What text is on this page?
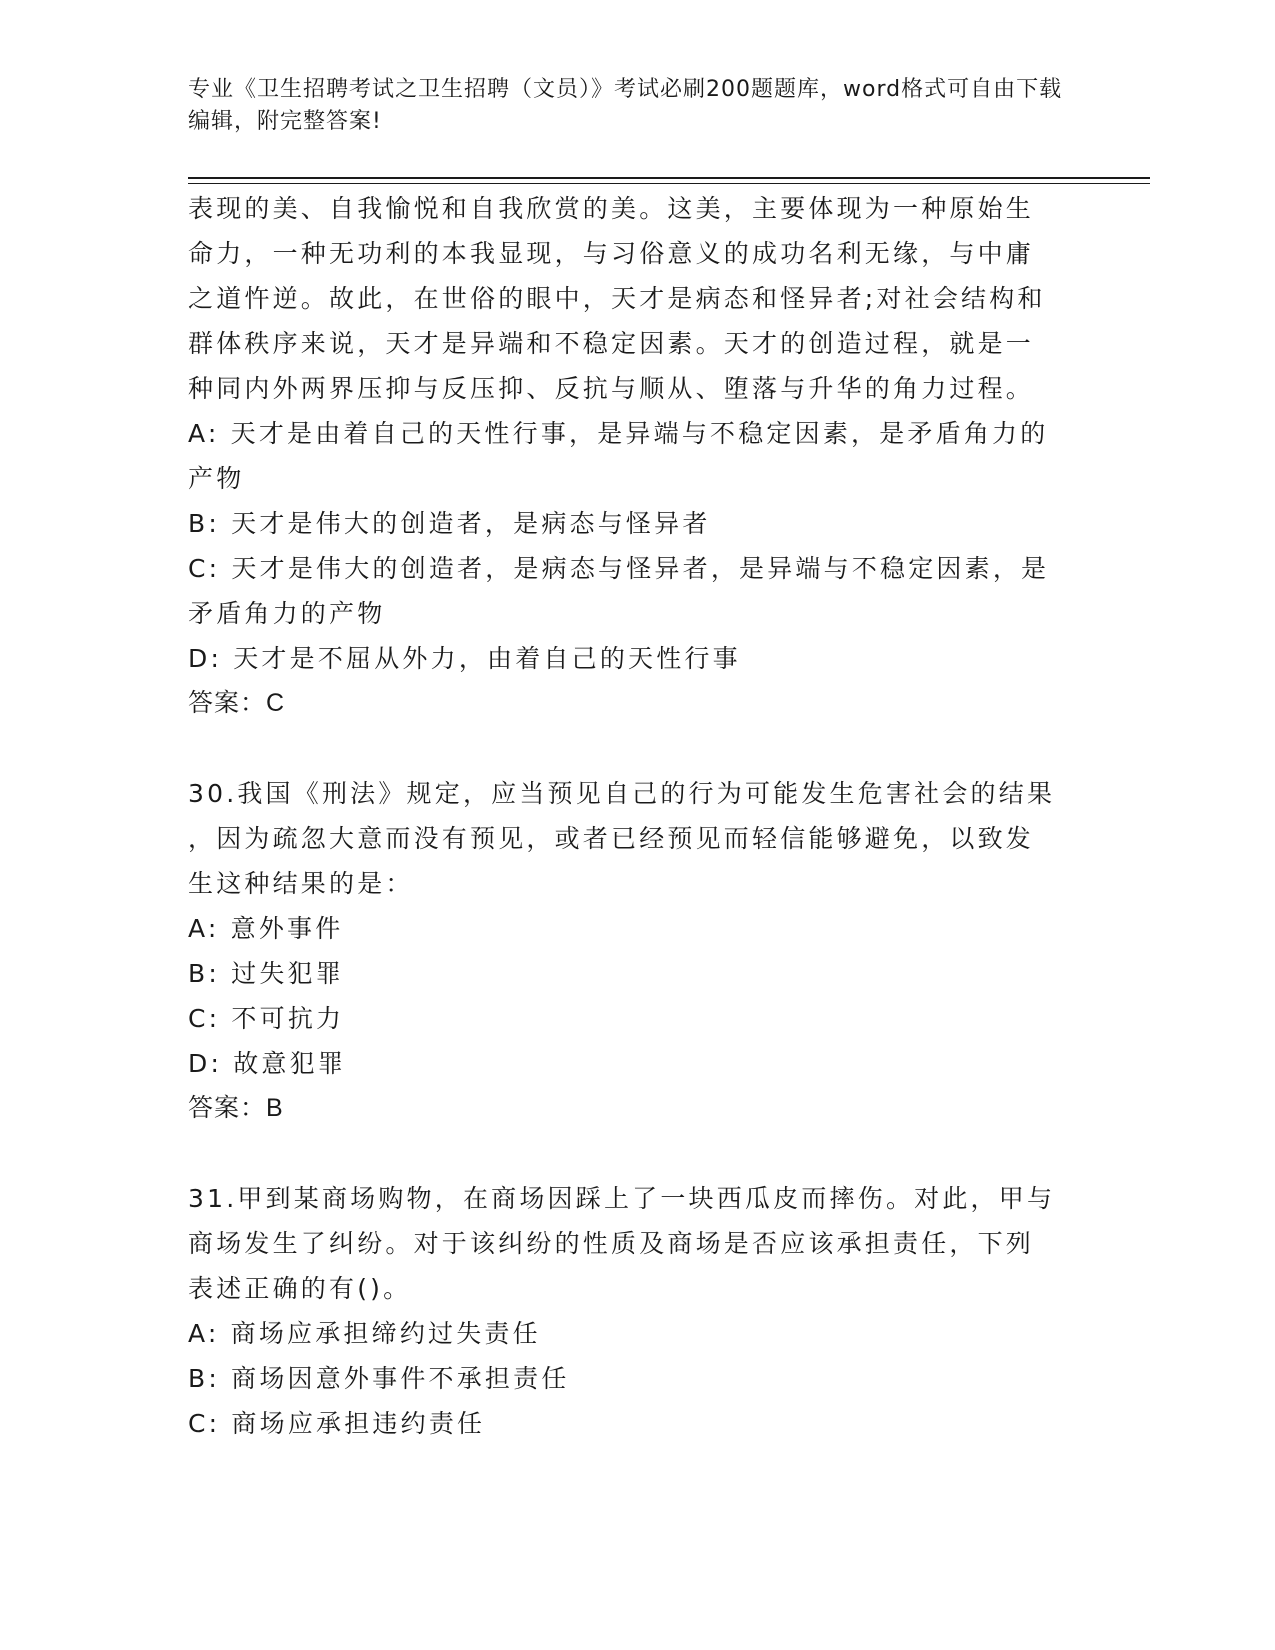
专业《卫生招聘考试之卫生招聘（文员）》考试必刷200题题库，word格式可自由下载编辑，附完整答案!

表现的美、自我愉悦和自我欣赏的美。这美，主要体现为一种原始生

命力，一种无功利的本我显现，与习俗意义的成功名利无缘，与中庸

之道忤逆。故此，在世俗的眼中，天才是病态和怪异者;对社会结构和

群体秩序来说，天才是异端和不稳定因素。天才的创造过程，就是一

种同内外两界压抑与反压抑、反抗与顺从、堕落与升华的角力过程。

A: 天才是由着自己的天性行事，是异端与不稳定因素，是矛盾角力的

产物

B: 天才是伟大的创造者，是病态与怪异者

C: 天才是伟大的创造者，是病态与怪异者，是异端与不稳定因素，是

矛盾角力的产物

D: 天才是不屈从外力，由着自己的天性行事

答案：C

30.我国《刑法》规定，应当预见自己的行为可能发生危害社会的结果

，因为疏忽大意而没有预见，或者已经预见而轻信能够避免，以致发

生这种结果的是：

A: 意外事件

B: 过失犯罪

C: 不可抗力

D: 故意犯罪

答案：B

31.甲到某商场购物，在商场因踩上了一块西瓜皮而摔伤。对此，甲与

商场发生了纠纷。对于该纠纷的性质及商场是否应该承担责任，下列

表述正确的有()。

A: 商场应承担缔约过失责任

B: 商场因意外事件不承担责任

C: 商场应承担违约责任
